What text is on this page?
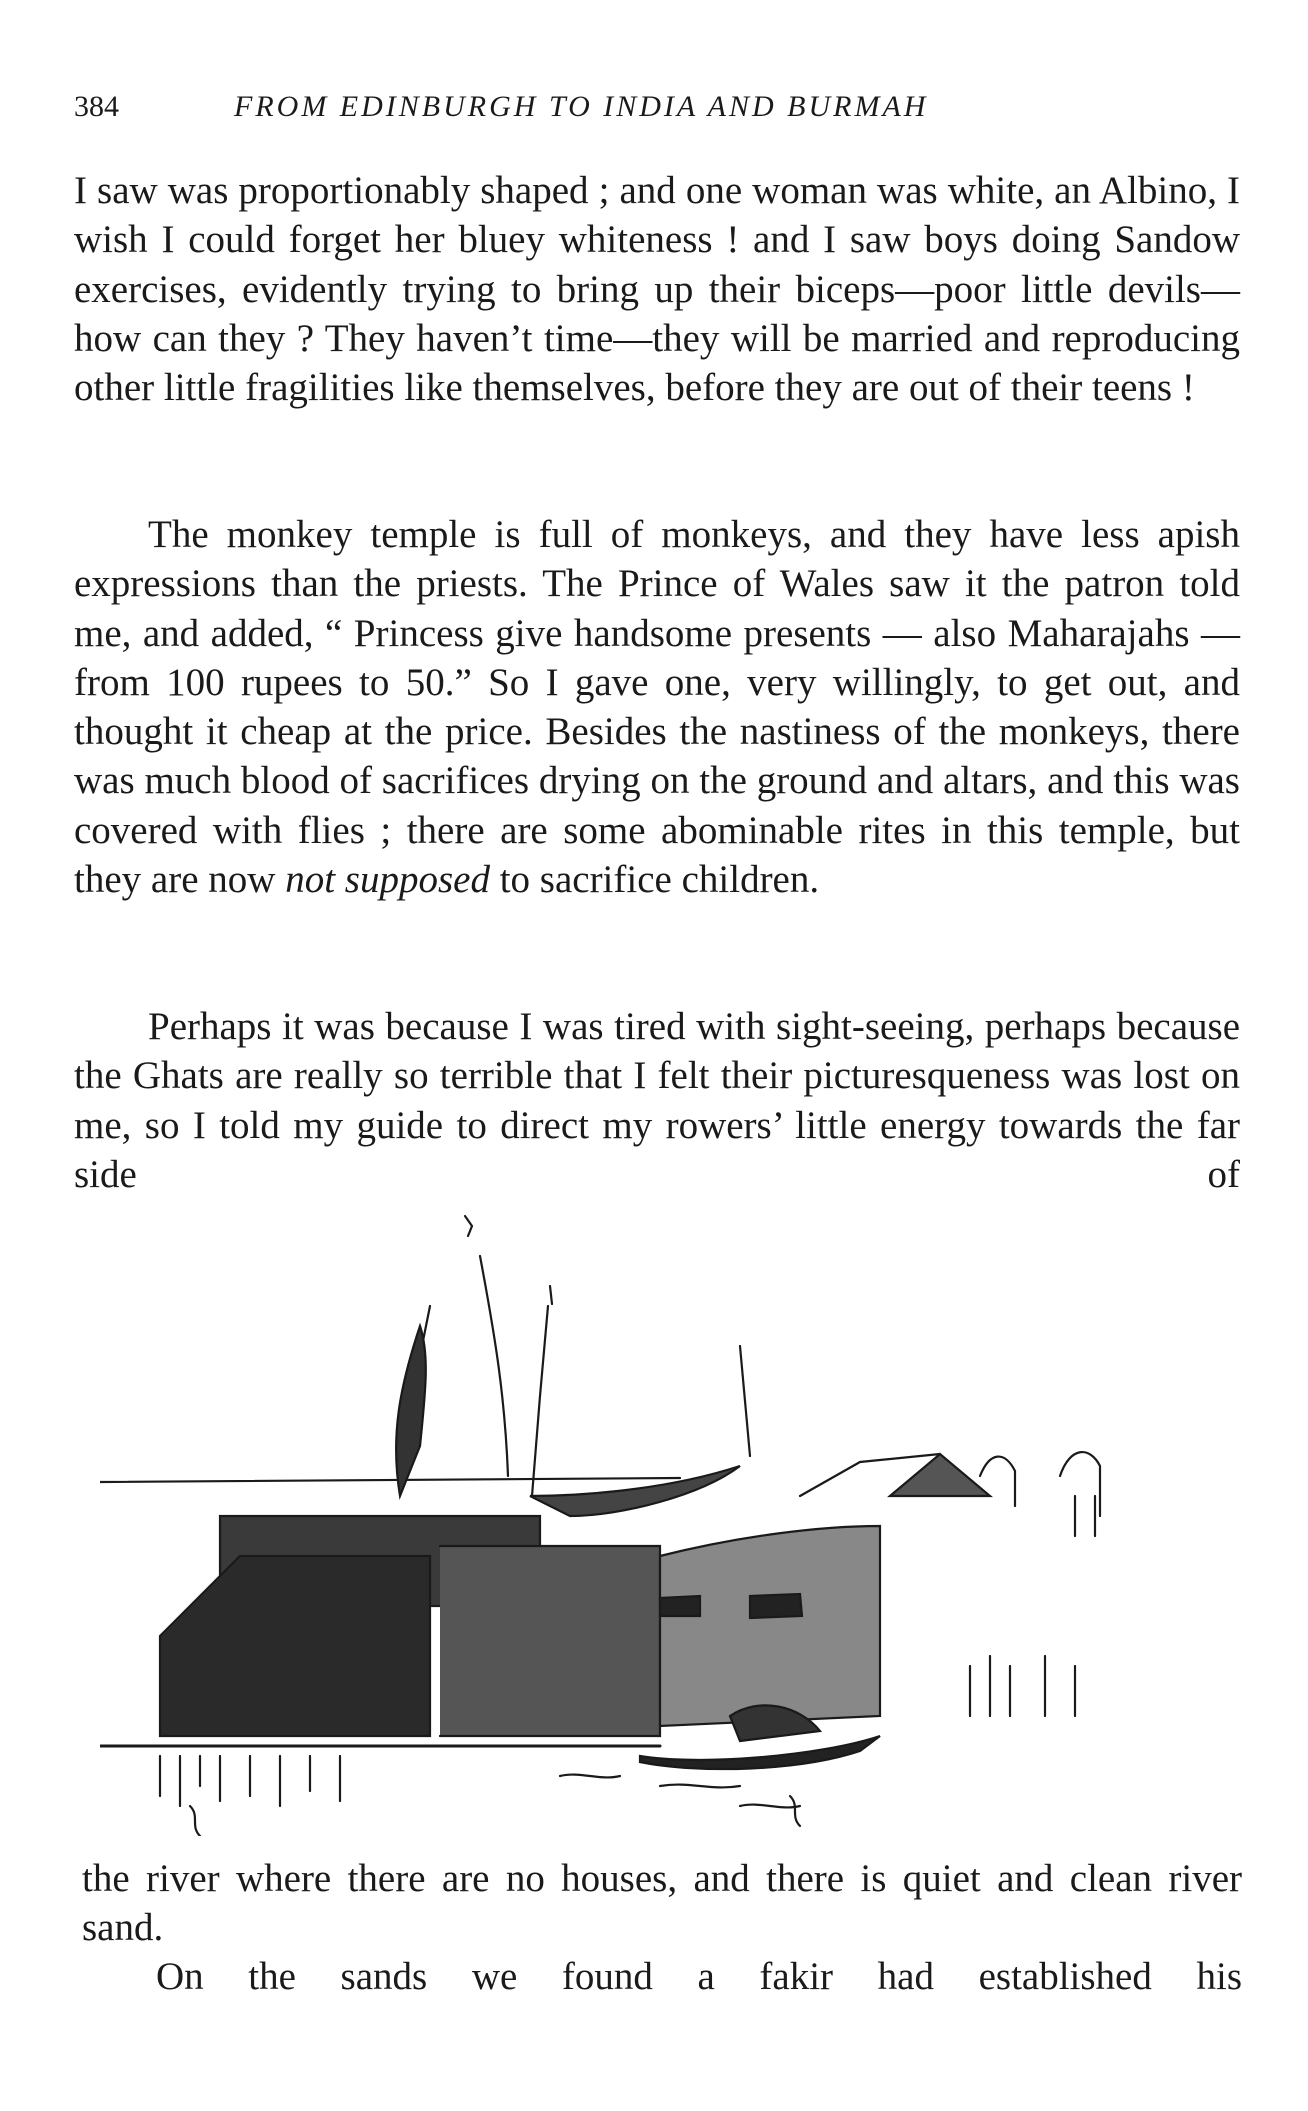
384	FROM EDINBURGH TO INDIA AND BURMAH

I saw was proportionably shaped ; and one woman was white, an Albino, I wish I could forget her bluey whiteness ! and I saw boys doing Sandow exercises, evidently trying to bring up their biceps—poor little devils—how can they ? They haven’t time—they will be married and reproducing other little fragilities like themselves, before they are out of their teens !

The monkey temple is full of monkeys, and they have less apish expressions than the priests. The Prince of Wales saw it the patron told me, and added, “ Princess give handsome presents — also Maharajahs — from 100 rupees to 50.” So I gave one, very willingly, to get out, and thought it cheap at the price. Besides the nastiness of the monkeys, there was much blood of sacrifices drying on the ground and altars, and this was covered with flies ; there are some abominable rites in this temple, but they are now not supposed to sacrifice children.

Perhaps it was because I was tired with sight-seeing, perhaps because the Ghats are really so terrible that I felt their picturesqueness was lost on me, so I told my guide to direct my rowers’ little energy towards the far side of

the river where there are no houses, and there is quiet and clean river sand.

On the sands we found a fakir had established his
